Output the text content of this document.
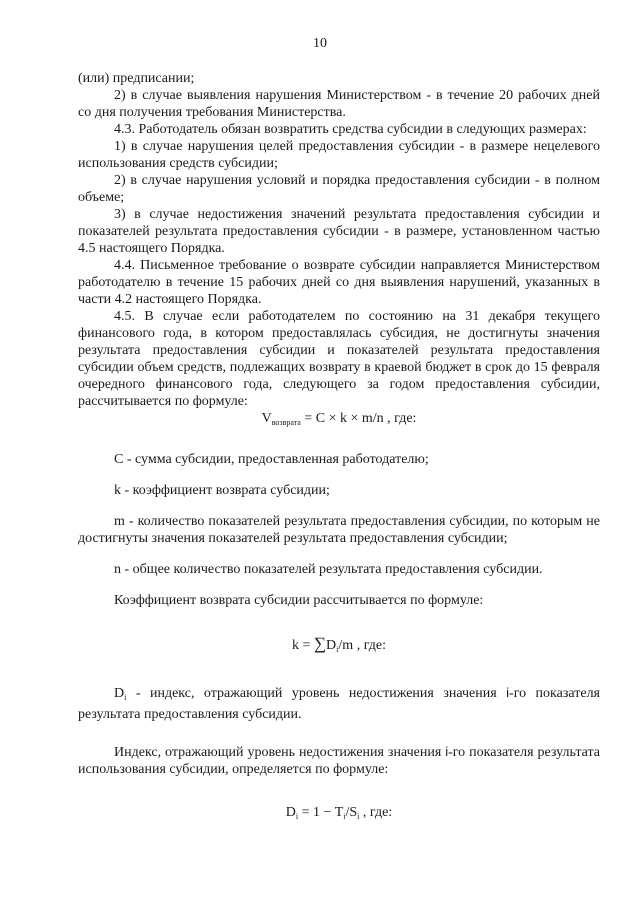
10

(или) предписании;

2) в случае выявления нарушения Министерством - в течение 20 рабочих дней со дня получения требования Министерства.

4.3. Работодатель обязан возвратить средства субсидии в следующих размерах:

1) в случае нарушения целей предоставления субсидии - в размере нецелевого использования средств субсидии;

2) в случае нарушения условий и порядка предоставления субсидии - в полном объеме;

3) в случае недостижения значений результата предоставления субсидии и показателей результата предоставления субсидии - в размере, установленном частью 4.5 настоящего Порядка.

4.4. Письменное требование о возврате субсидии направляется Министерством работодателю в течение 15 рабочих дней со дня выявления нарушений, указанных в части 4.2 настоящего Порядка.

4.5. В случае если работодателем по состоянию на 31 декабря текущего финансового года, в котором предоставлялась субсидия, не достигнуты значения результата предоставления субсидии и показателей результата предоставления субсидии объем средств, подлежащих возврату в краевой бюджет в срок до 15 февраля очередного финансового года, следующего за годом предоставления субсидии, рассчитывается по формуле:

$V_{возврата} = C \times k \times m/n$ , где:

C - сумма субсидии, предоставленная работодателю;

k - коэффициент возврата субсидии;

m - количество показателей результата предоставления субсидии, по которым не достигнуты значения показателей результата предоставления субсидии;

n - общее количество показателей результата предоставления субсидии.

Коэффициент возврата субсидии рассчитывается по формуле:

$k = \sum D_i/m$ , где:

$D_i$ - индекс, отражающий уровень недостижения значения i-го показателя результата предоставления субсидии.

Индекс, отражающий уровень недостижения значения i-го показателя результата использования субсидии, определяется по формуле:

$D_i = 1 - T_i/S_i$ , где:
